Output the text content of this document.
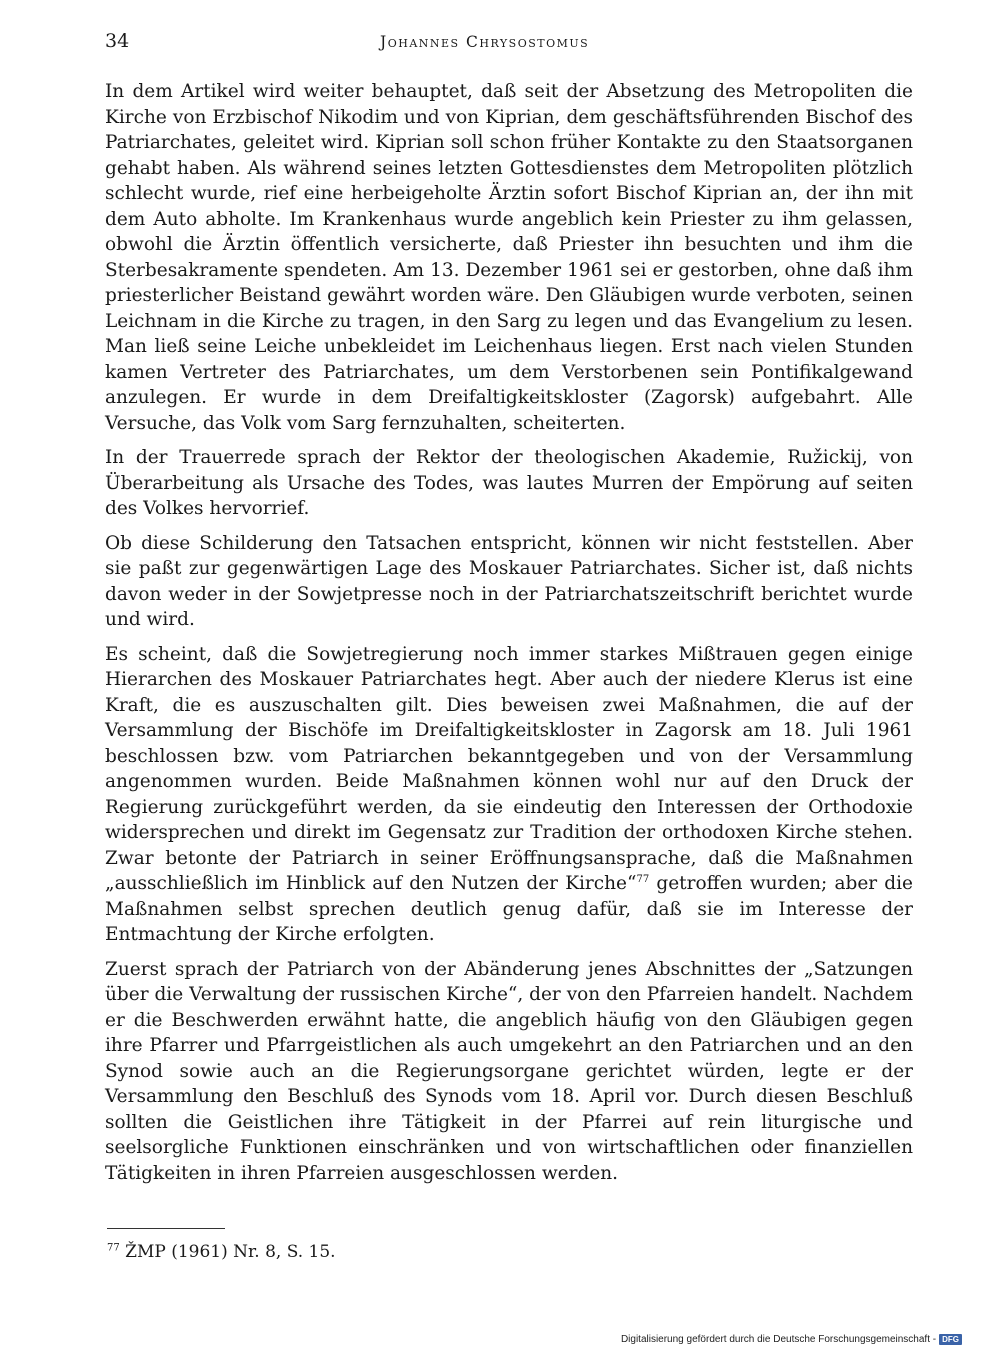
34	Johannes Chrysostomus

In dem Artikel wird weiter behauptet, daß seit der Absetzung des Metropoliten die Kirche von Erzbischof Nikodim und von Kiprian, dem geschäftsführenden Bischof des Patriarchates, geleitet wird. Kiprian soll schon früher Kontakte zu den Staatsorganen gehabt haben. Als während seines letzten Gottesdienstes dem Metropoliten plötzlich schlecht wurde, rief eine herbeigeholte Ärztin sofort Bischof Kiprian an, der ihn mit dem Auto abholte. Im Krankenhaus wurde angeblich kein Priester zu ihm gelassen, obwohl die Ärztin öffentlich versicherte, daß Priester ihn besuchten und ihm die Sterbesakramente spendeten. Am 13. Dezember 1961 sei er gestorben, ohne daß ihm priesterlicher Beistand gewährt worden wäre. Den Gläubigen wurde verboten, seinen Leichnam in die Kirche zu tragen, in den Sarg zu legen und das Evangelium zu lesen. Man ließ seine Leiche unbekleidet im Leichenhaus liegen. Erst nach vielen Stunden kamen Vertreter des Patriarchates, um dem Verstorbenen sein Pontifikalgewand anzulegen. Er wurde in dem Dreifaltigkeitskloster (Zagorsk) aufgebahrt. Alle Versuche, das Volk vom Sarg fernzuhalten, scheiterten.

In der Trauerrede sprach der Rektor der theologischen Akademie, Ružickij, von Überarbeitung als Ursache des Todes, was lautes Murren der Empörung auf seiten des Volkes hervorrief.

Ob diese Schilderung den Tatsachen entspricht, können wir nicht feststellen. Aber sie paßt zur gegenwärtigen Lage des Moskauer Patriarchates. Sicher ist, daß nichts davon weder in der Sowjetpresse noch in der Patriarchatszeitschrift berichtet wurde und wird.

Es scheint, daß die Sowjetregierung noch immer starkes Mißtrauen gegen einige Hierarchen des Moskauer Patriarchates hegt. Aber auch der niedere Klerus ist eine Kraft, die es auszuschalten gilt. Dies beweisen zwei Maßnahmen, die auf der Versammlung der Bischöfe im Dreifaltigkeitskloster in Zagorsk am 18. Juli 1961 beschlossen bzw. vom Patriarchen bekanntgegeben und von der Versammlung angenommen wurden. Beide Maßnahmen können wohl nur auf den Druck der Regierung zurückgeführt werden, da sie eindeutig den Interessen der Orthodoxie widersprechen und direkt im Gegensatz zur Tradition der orthodoxen Kirche stehen. Zwar betonte der Patriarch in seiner Eröffnungsansprache, daß die Maßnahmen „ausschließlich im Hinblick auf den Nutzen der Kirche“$^{77}$ getroffen wurden; aber die Maßnahmen selbst sprechen deutlich genug dafür, daß sie im Interesse der Entmachtung der Kirche erfolgten.

Zuerst sprach der Patriarch von der Abänderung jenes Abschnittes der „Satzungen über die Verwaltung der russischen Kirche“, der von den Pfarreien handelt. Nachdem er die Beschwerden erwähnt hatte, die angeblich häufig von den Gläubigen gegen ihre Pfarrer und Pfarrgeistlichen als auch umgekehrt an den Patriarchen und an den Synod sowie auch an die Regierungsorgane gerichtet würden, legte er der Versammlung den Beschluß des Synods vom 18. April vor. Durch diesen Beschluß sollten die Geistlichen ihre Tätigkeit in der Pfarrei auf rein liturgische und seelsorgliche Funktionen einschränken und von wirtschaftlichen oder finanziellen Tätigkeiten in ihren Pfarreien ausgeschlossen werden.

$^{77}$ ŽMP (1961) Nr. 8, S. 15.
Digitalisierung gefördert durch die Deutsche Forschungsgemeinschaft - DFG
